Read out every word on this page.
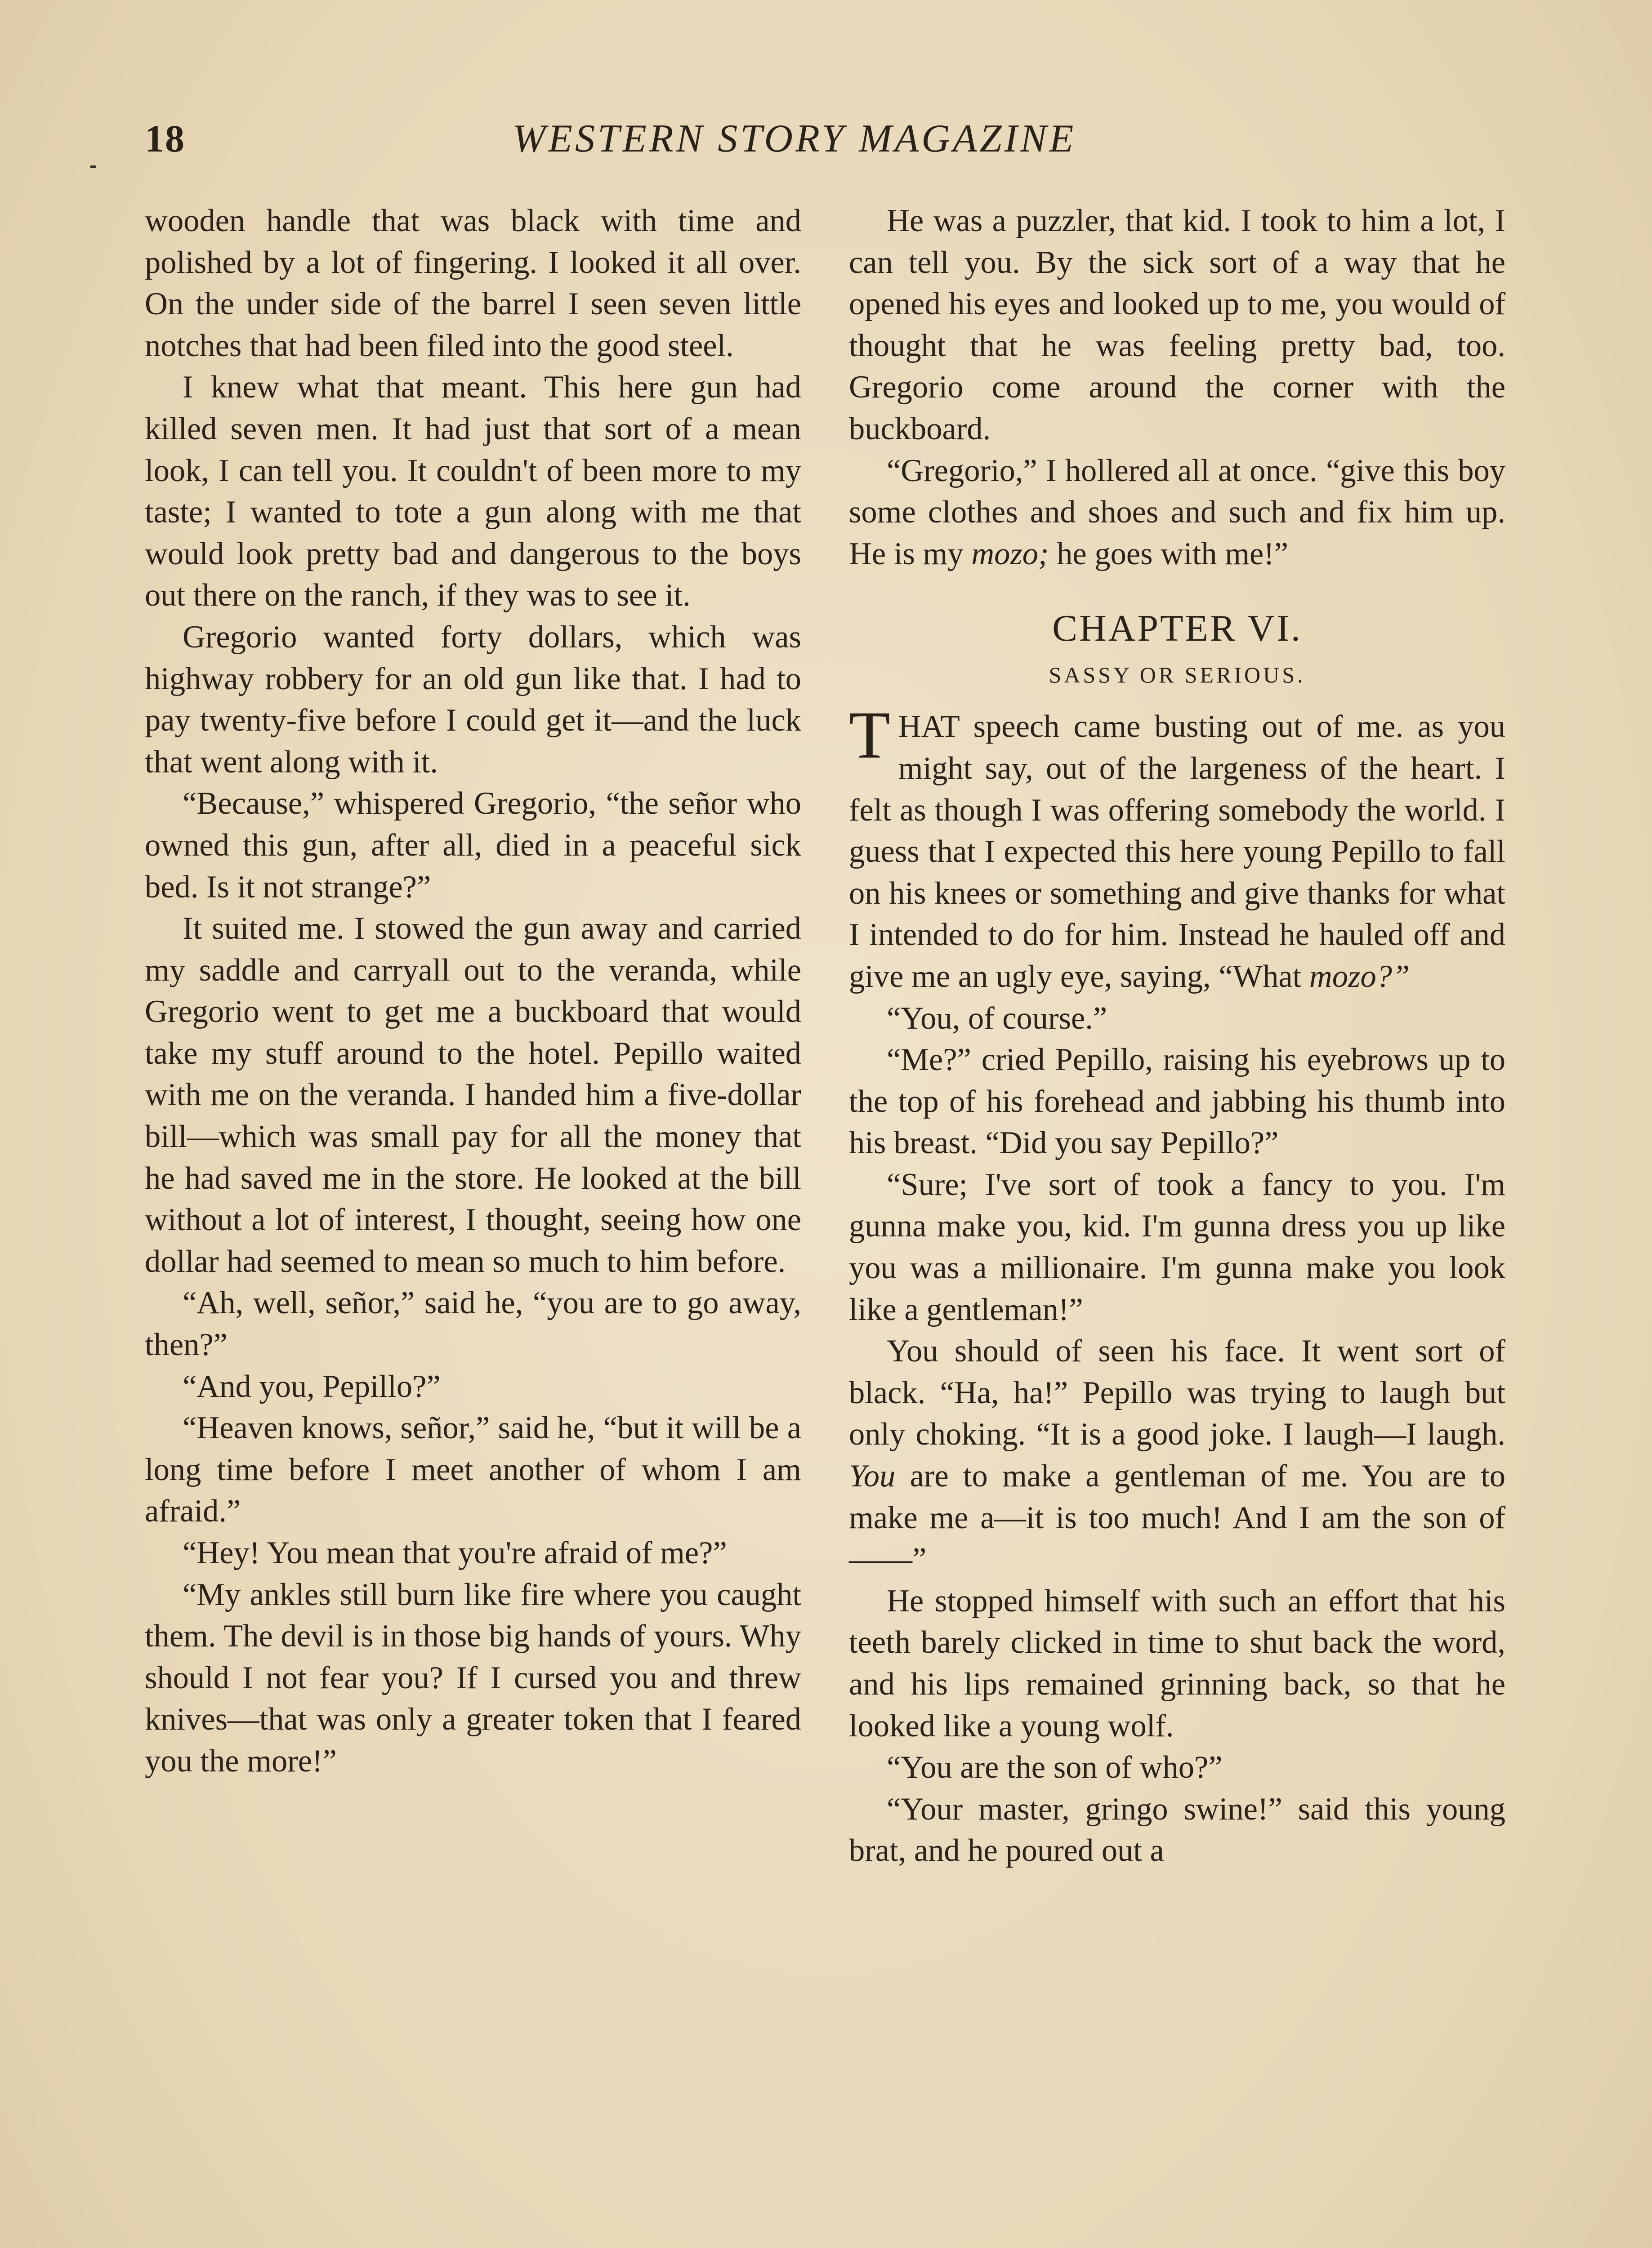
18	WESTERN STORY MAGAZINE

wooden handle that was black with time and polished by a lot of fingering. I looked it all over. On the under side of the barrel I seen seven little notches that had been filed into the good steel.

I knew what that meant. This here gun had killed seven men. It had just that sort of a mean look, I can tell you. It couldn't of been more to my taste; I wanted to tote a gun along with me that would look pretty bad and dangerous to the boys out there on the ranch, if they was to see it.

Gregorio wanted forty dollars, which was highway robbery for an old gun like that. I had to pay twenty-five before I could get it—and the luck that went along with it.

“Because,” whispered Gregorio, “the señor who owned this gun, after all, died in a peaceful sick bed. Is it not strange?”

It suited me. I stowed the gun away and carried my saddle and carryall out to the veranda, while Gregorio went to get me a buckboard that would take my stuff around to the hotel. Pepillo waited with me on the veranda. I handed him a five-dollar bill—which was small pay for all the money that he had saved me in the store. He looked at the bill without a lot of interest, I thought, seeing how one dollar had seemed to mean so much to him before.

“Ah, well, señor,” said he, “you are to go away, then?”

“And you, Pepillo?”

“Heaven knows, señor,” said he, “but it will be a long time before I meet another of whom I am afraid.”

“Hey! You mean that you're afraid of me?”

“My ankles still burn like fire where you caught them. The devil is in those big hands of yours. Why should I not fear you? If I cursed you and threw knives—that was only a greater token that I feared you the more!”

He was a puzzler, that kid. I took to him a lot, I can tell you. By the sick sort of a way that he opened his eyes and looked up to me, you would of thought that he was feeling pretty bad, too. Gregorio come around the corner with the buckboard.

“Gregorio,” I hollered all at once. “give this boy some clothes and shoes and such and fix him up. He is my mozo; he goes with me!”

CHAPTER VI.
SASSY OR SERIOUS.

THAT speech came busting out of me. as you might say, out of the largeness of the heart. I felt as though I was offering somebody the world. I guess that I expected this here young Pepillo to fall on his knees or something and give thanks for what I intended to do for him. Instead he hauled off and give me an ugly eye, saying, “What mozo?”

“You, of course.”

“Me?” cried Pepillo, raising his eyebrows up to the top of his forehead and jabbing his thumb into his breast. “Did you say Pepillo?”

“Sure; I've sort of took a fancy to you. I'm gunna make you, kid. I'm gunna dress you up like you was a millionaire. I'm gunna make you look like a gentleman!”

You should of seen his face. It went sort of black. “Ha, ha!” Pepillo was trying to laugh but only choking. “It is a good joke. I laugh—I laugh. You are to make a gentleman of me. You are to make me a—it is too much! And I am the son of——”

He stopped himself with such an effort that his teeth barely clicked in time to shut back the word, and his lips remained grinning back, so that he looked like a young wolf.

“You are the son of who?”

“Your master, gringo swine!” said this young brat, and he poured out a
